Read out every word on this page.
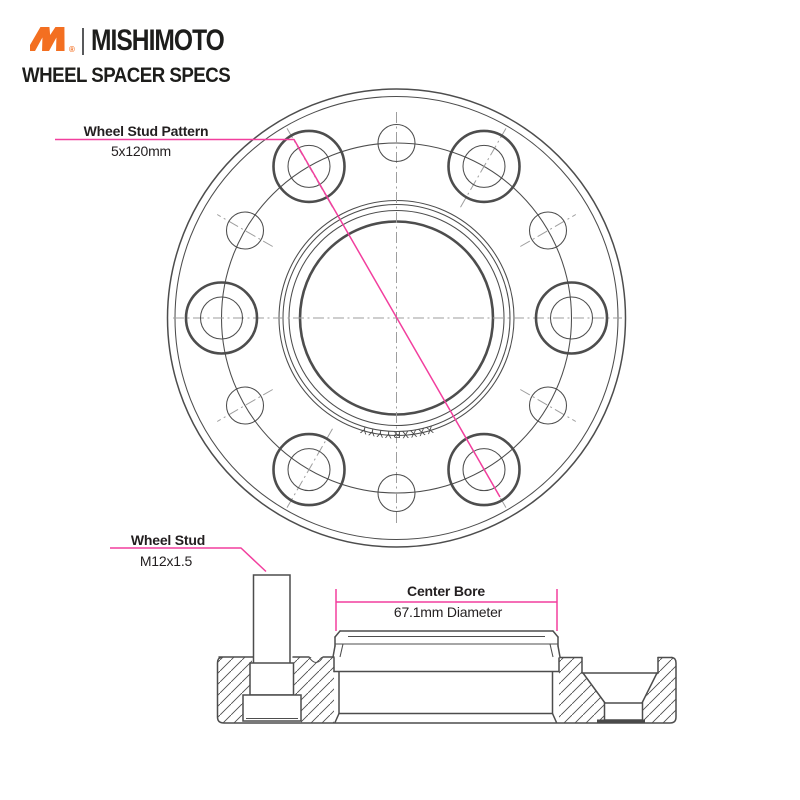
® MISHIMOTO
WHEEL SPACER SPECS
XXXXRYYYY
Wheel Stud Pattern
5x120mm
Wheel Stud
M12x1.5
Center Bore
67.1mm Diameter
